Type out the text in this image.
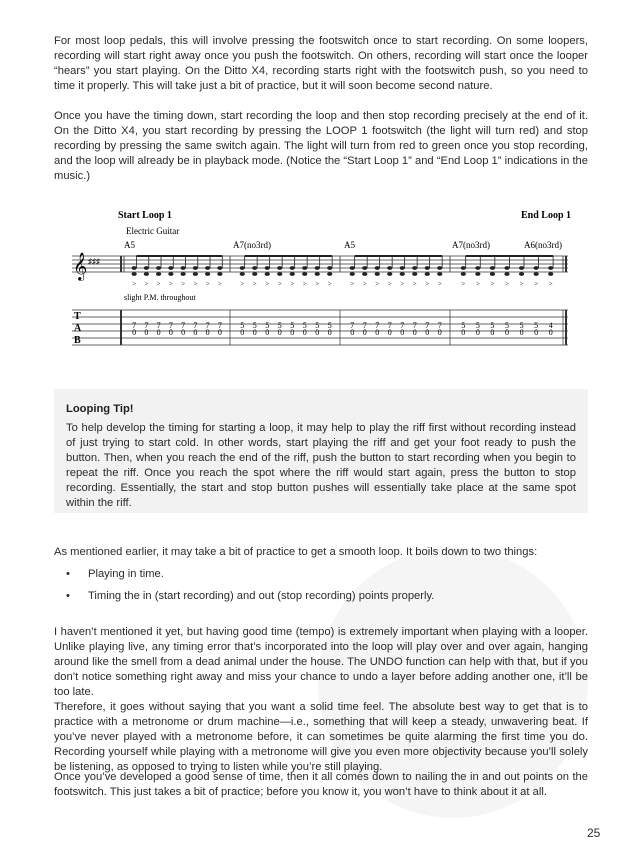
For most loop pedals, this will involve pressing the footswitch once to start recording. On some loopers, recording will start right away once you push the footswitch. On others, recording will start once the looper “hears” you start playing. On the Ditto X4, recording starts right with the footswitch push, so you need to time it properly. This will take just a bit of practice, but it will soon become second nature.

Once you have the timing down, start recording the loop and then stop recording precisely at the end of it. On the Ditto X4, you start recording by pressing the LOOP 1 footswitch (the light will turn red) and stop recording by pressing the same switch again. The light will turn from red to green once you stop recording, and the loop will already be in playback mode. (Notice the “Start Loop 1” and “End Loop 1” indications in the music.)

Start Loop 1	End Loop 1
Electric Guitar
A5	A7(no3rd)	A5	A7(no3rd)	A6(no3rd)
𝄞 ♯♯♯
> > > > > > > >	> > > > > > > >	> > > > > > > >	> > > > > > >
slight P.M. throughout
T
A
B
7
0
7
0
7
0
7
0
7
0
7
0
7
0
7
0
5
0
5
0
5
0
5
0
5
0
5
0
5
0
5
0
7
0
7
0
7
0
7
0
7
0
7
0
7
0
7
0
5
0
5
0
5
0
5
0
5
0
5
0
4
0
Looping Tip!

To help develop the timing for starting a loop, it may help to play the riff first without recording instead of just trying to start cold. In other words, start playing the riff and get your foot ready to push the button. Then, when you reach the end of the riff, push the button to start recording when you begin to repeat the riff. Once you reach the spot where the riff would start again, press the button to stop recording. Essentially, the start and stop button pushes will essentially take place at the same spot within the riff.

As mentioned earlier, it may take a bit of practice to get a smooth loop. It boils down to two things:

• Playing in time.
• Timing the in (start recording) and out (stop recording) points properly.

I haven’t mentioned it yet, but having good time (tempo) is extremely important when playing with a looper. Unlike playing live, any timing error that’s incorporated into the loop will play over and over again, hanging around like the smell from a dead animal under the house. The UNDO function can help with that, but if you don’t notice something right away and miss your chance to undo a layer before adding another one, it’ll be too late.

Therefore, it goes without saying that you want a solid time feel. The absolute best way to get that is to practice with a metronome or drum machine—i.e., something that will keep a steady, unwavering beat. If you’ve never played with a metronome before, it can sometimes be quite alarming the first time you do. Recording yourself while playing with a metronome will give you even more objectivity because you’ll solely be listening, as opposed to trying to listen while you’re still playing.

Once you’ve developed a good sense of time, then it all comes down to nailing the in and out points on the footswitch. This just takes a bit of practice; before you know it, you won’t have to think about it at all.

25
